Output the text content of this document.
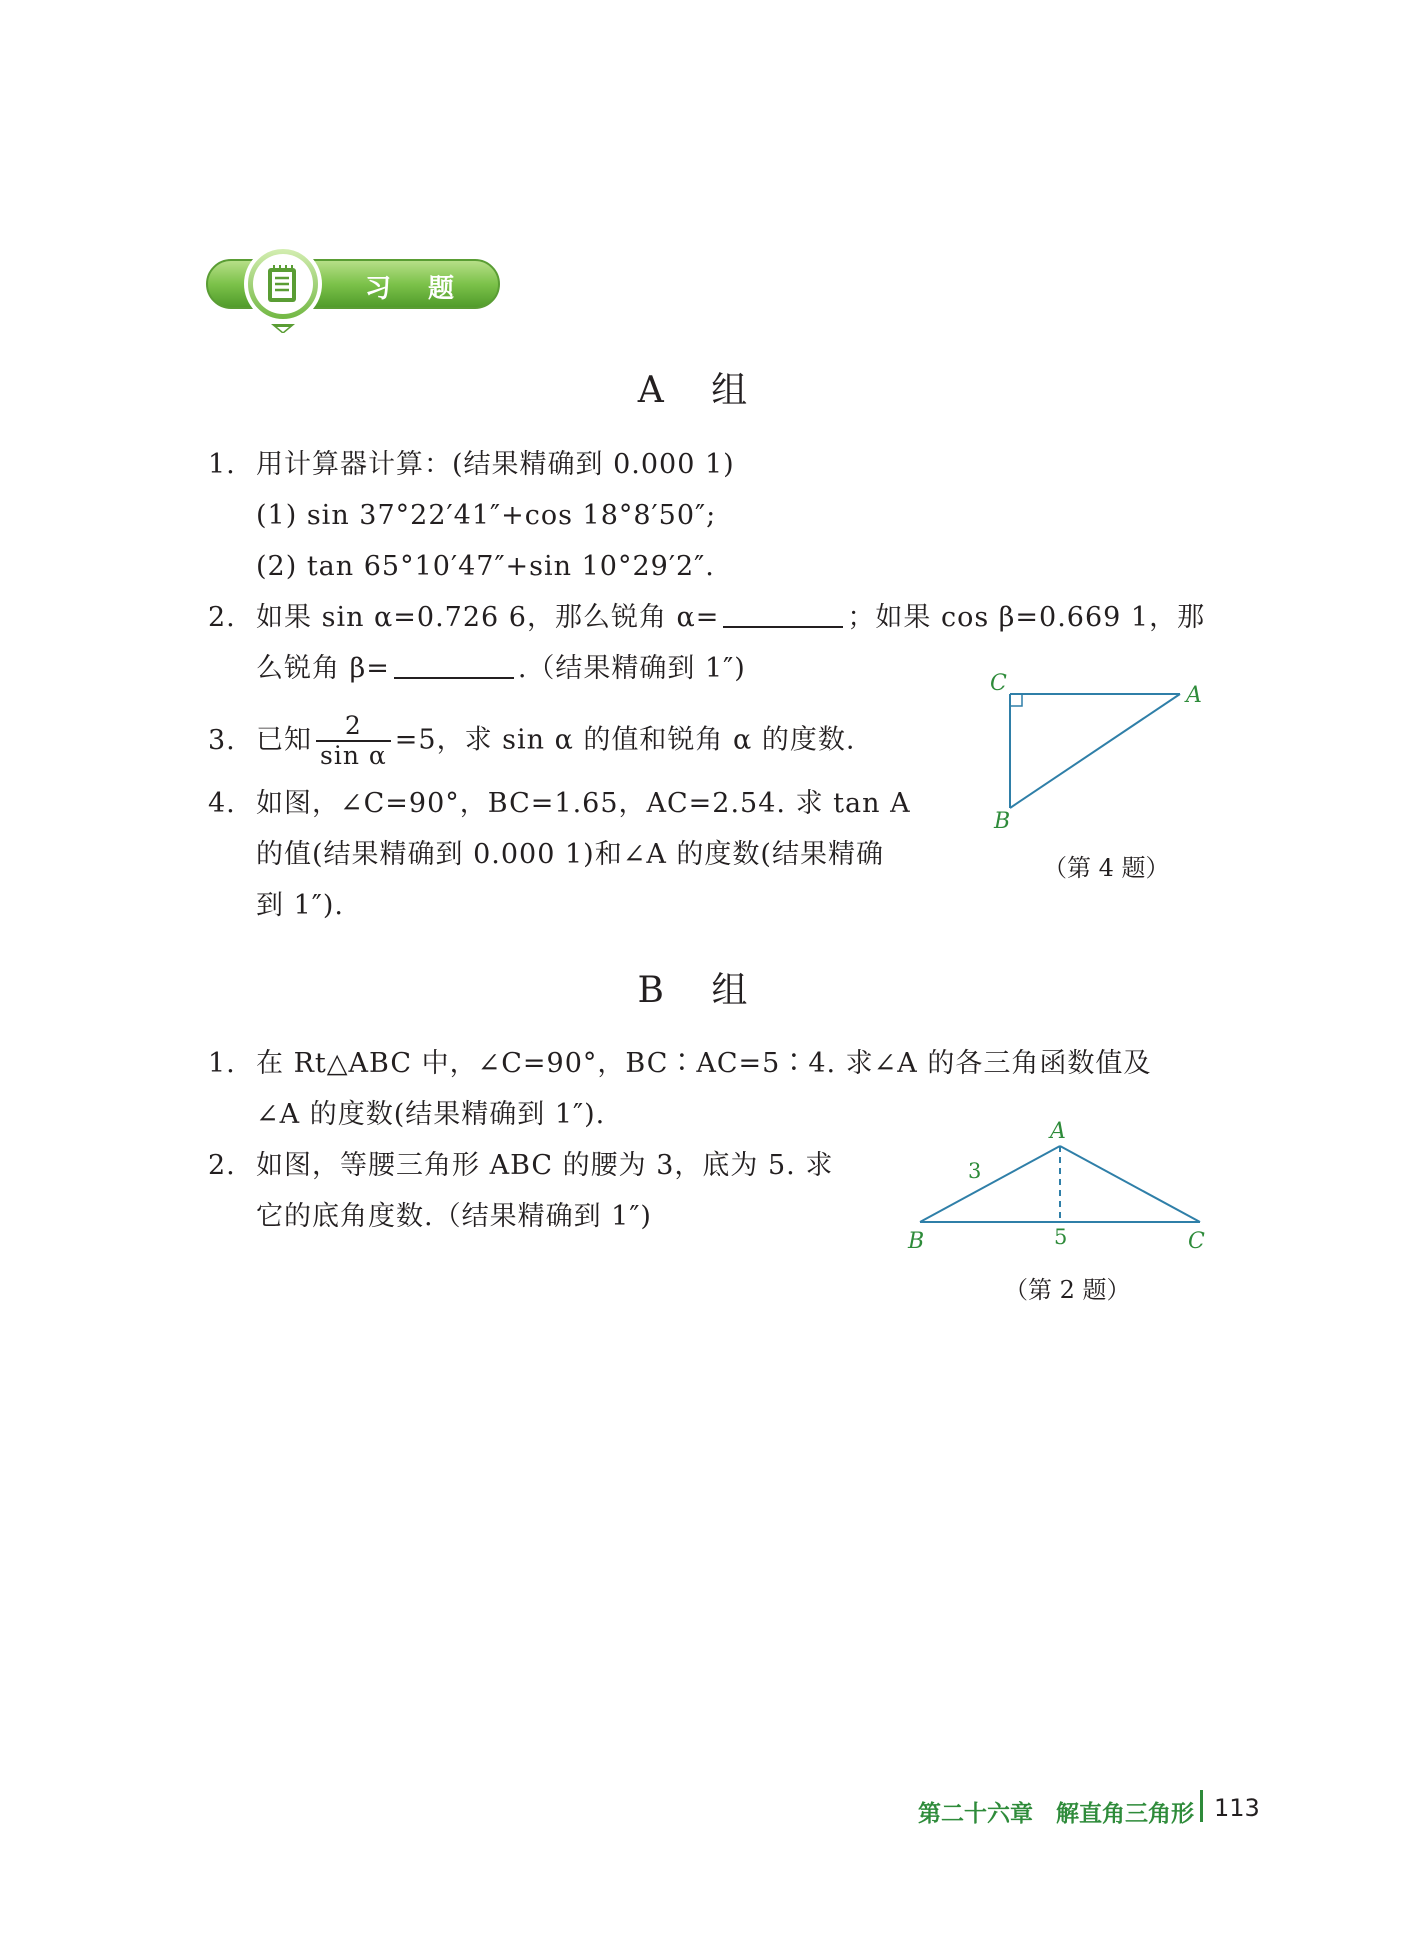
习 题
A 组
1. 用计算器计算：(结果精确到 0.000 1)
(1) sin 37°22′41″+cos 18°8′50″;
(2) tan 65°10′47″+sin 10°29′2″.
2. 如果 sin α=0.726 6，那么锐角 α=	；如果 cos β=0.669 1，那
么锐角 β=	.（结果精确到 1″)
3. 已知 $\frac{2}{\text{sin α}} =5$，求 sin α 的值和锐角 α 的度数.
4. 如图，∠C=90°，BC=1.65，AC=2.54. 求 tan A
的值(结果精确到 0.000 1)和∠A 的度数(结果精确
到 1″).
C	A
B
（第 4 题）
B 组
1. 在 Rt△ABC 中，∠C=90°，BC∶AC=5∶4. 求∠A 的各三角函数值及
∠A 的度数(结果精确到 1″).
2. 如图，等腰三角形 ABC 的腰为 3，底为 5. 求
它的底角度数.（结果精确到 1″)
A
B	C
3
5
（第 2 题）
第二十六章　解直角三角形 113
